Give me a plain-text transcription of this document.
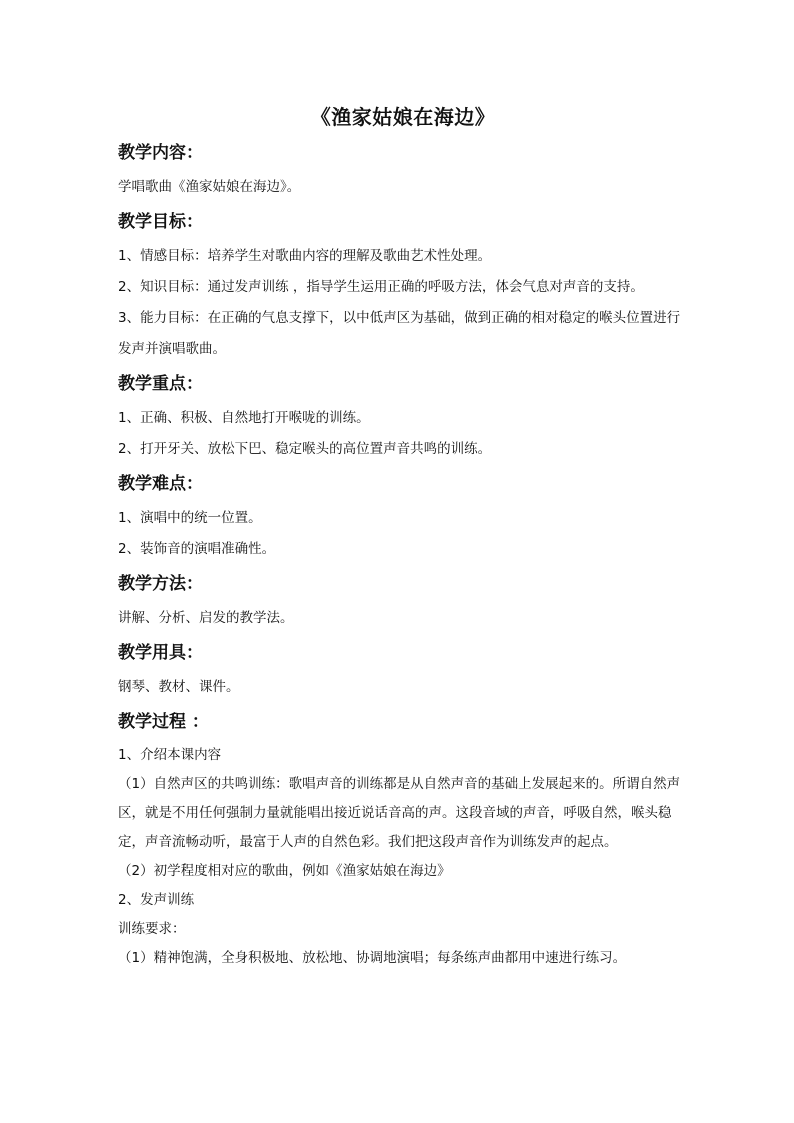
《渔家姑娘在海边》
教学内容：

学唱歌曲《渔家姑娘在海边》。

教学目标：

1、情感目标：培养学生对歌曲内容的理解及歌曲艺术性处理。

2、知识目标：通过发声训练 ，指导学生运用正确的呼吸方法，体会气息对声音的支持。

3、能力目标：在正确的气息支撑下，以中低声区为基础，做到正确的相对稳定的喉头位置进行发声并演唱歌曲。

教学重点：

1、正确、积极、自然地打开喉咙的训练。

2、打开牙关、放松下巴、稳定喉头的高位置声音共鸣的训练。

教学难点：

1、演唱中的统一位置。

2、装饰音的演唱准确性。

教学方法：

讲解、分析、启发的教学法。

教学用具：

钢琴、教材、课件。

教学过程 ：

1、介绍本课内容

（1）自然声区的共鸣训练：歌唱声音的训练都是从自然声音的基础上发展起来的。所谓自然声区，就是不用任何强制力量就能唱出接近说话音高的声。这段音域的声音，呼吸自然，喉头稳定，声音流畅动听，最富于人声的自然色彩。我们把这段声音作为训练发声的起点。

（2）初学程度相对应的歌曲，例如《渔家姑娘在海边》

2、发声训练

训练要求：

（1）精神饱满，全身积极地、放松地、协调地演唱；每条练声曲都用中速进行练习。
